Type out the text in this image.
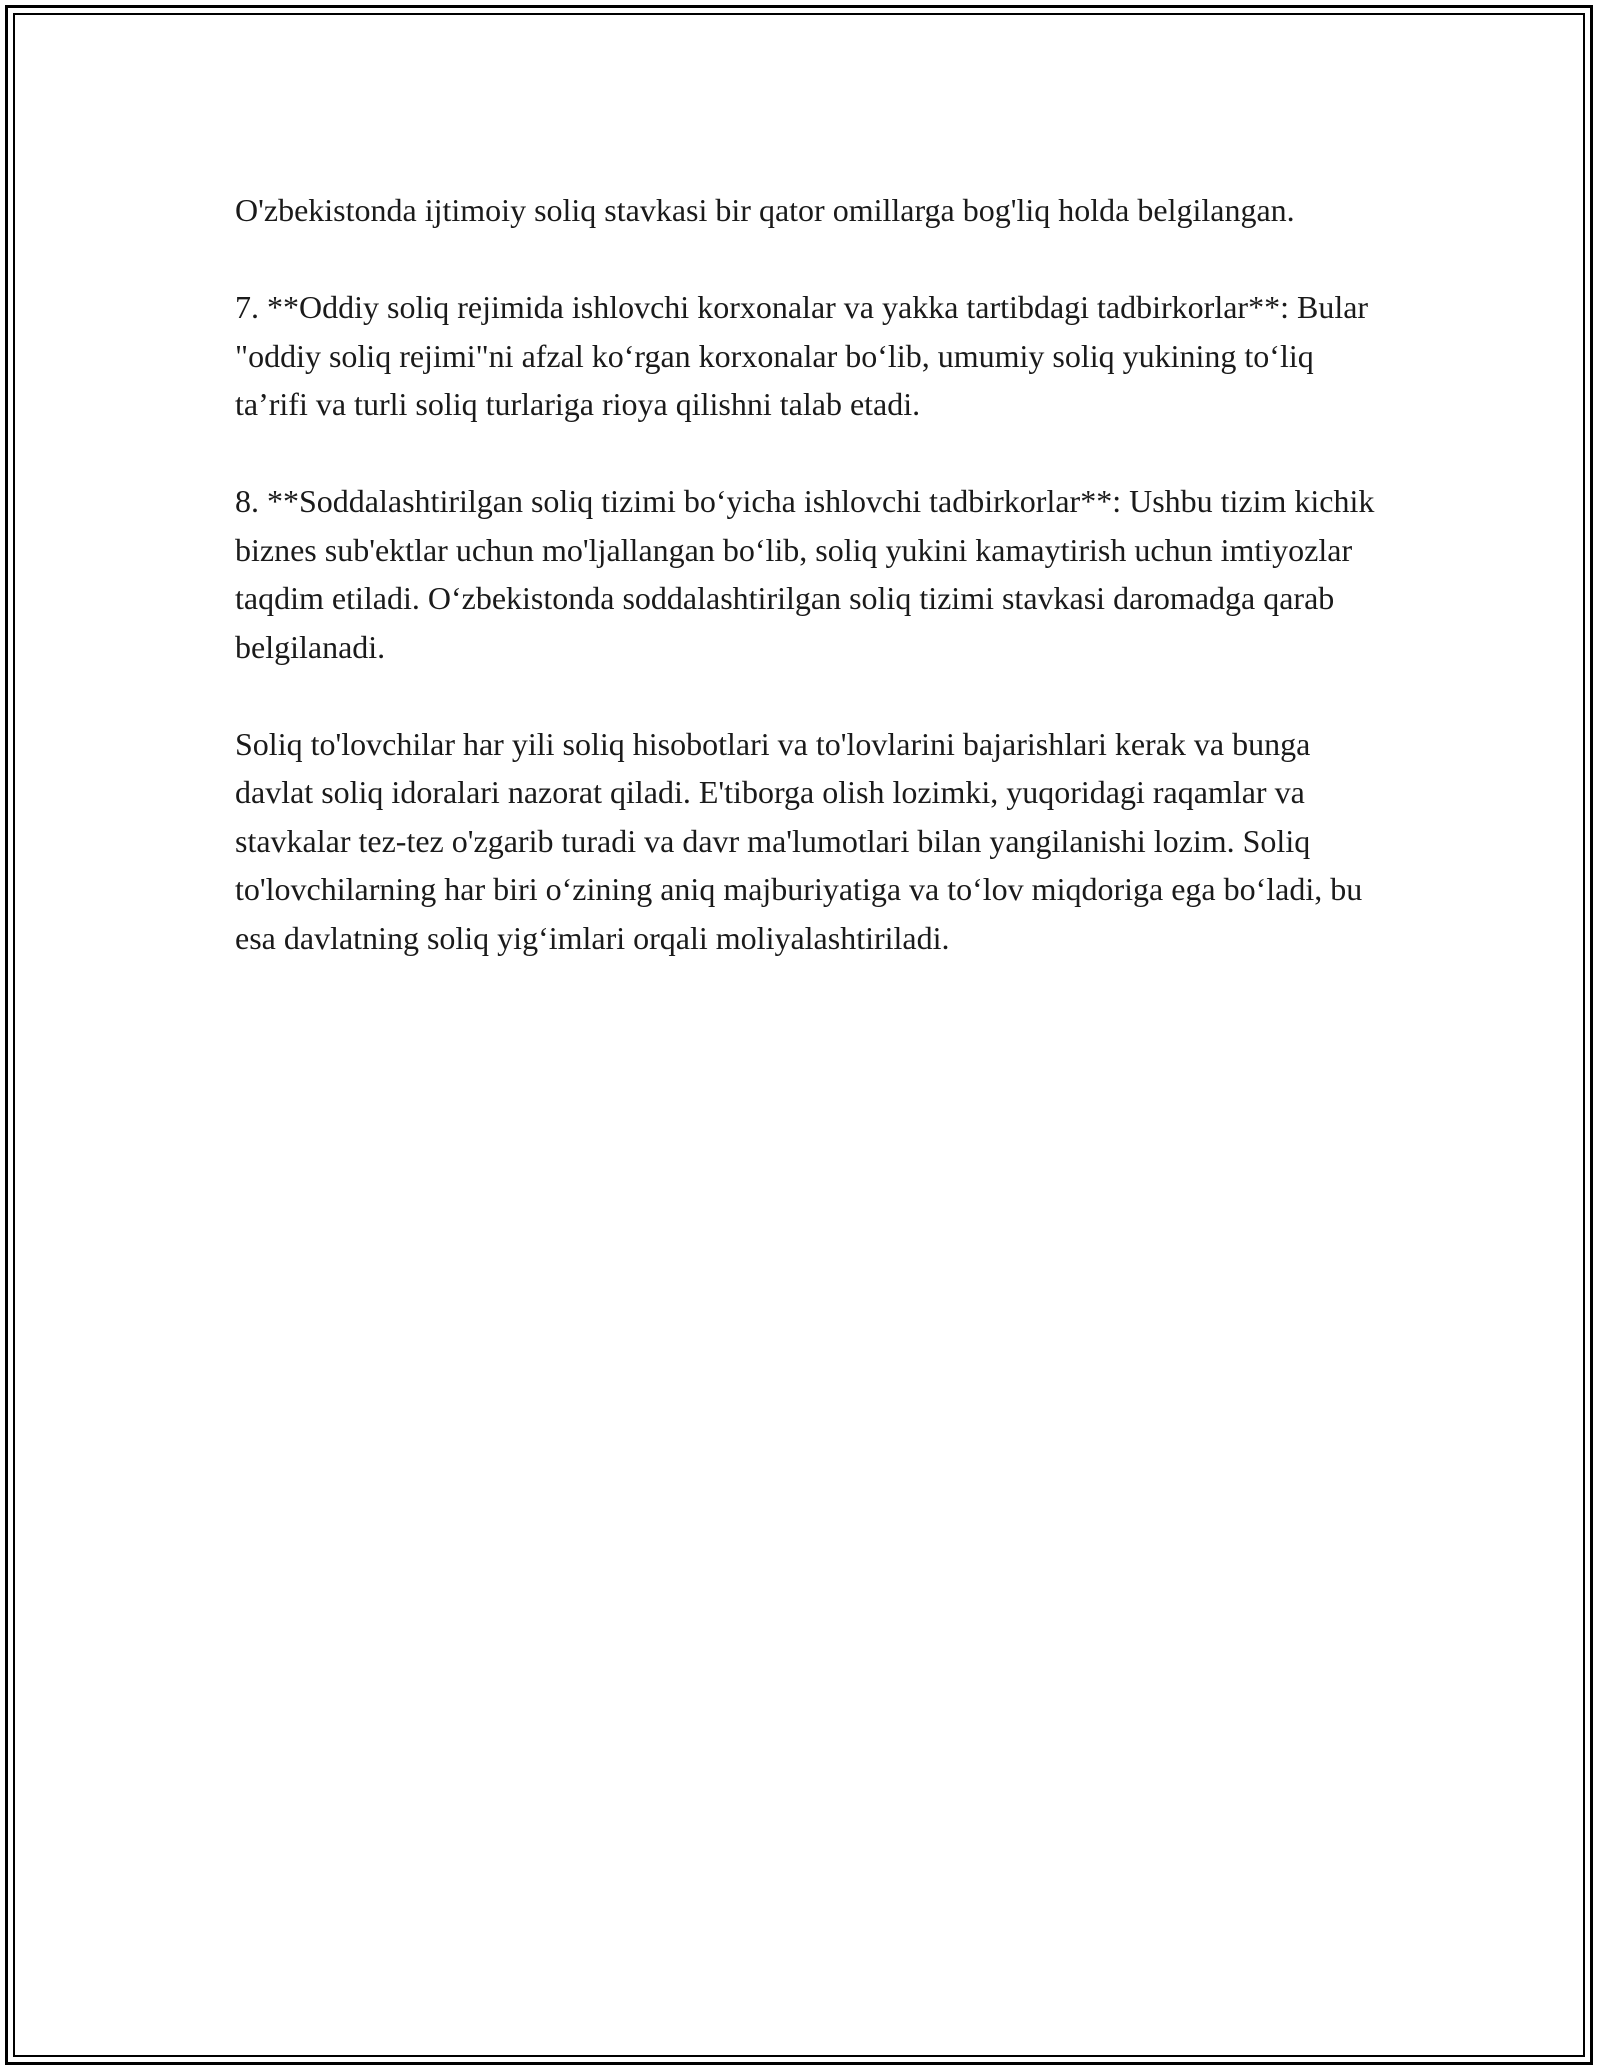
O'zbekistonda ijtimoiy soliq stavkasi bir qator omillarga bog'liq holda belgilangan.

7. **Oddiy soliq rejimida ishlovchi korxonalar va yakka tartibdagi tadbirkorlar**: Bular "oddiy soliq rejimi"ni afzal koʻrgan korxonalar boʻlib, umumiy soliq yukining toʻliq ta’rifi va turli soliq turlariga rioya qilishni talab etadi.

8. **Soddalashtirilgan soliq tizimi boʻyicha ishlovchi tadbirkorlar**: Ushbu tizim kichik biznes sub'ektlar uchun mo'ljallangan boʻlib, soliq yukini kamaytirish uchun imtiyozlar taqdim etiladi. Oʻzbekistonda soddalashtirilgan soliq tizimi stavkasi daromadga qarab belgilanadi.

Soliq to'lovchilar har yili soliq hisobotlari va to'lovlarini bajarishlari kerak va bunga davlat soliq idoralari nazorat qiladi. E'tiborga olish lozimki, yuqoridagi raqamlar va stavkalar tez-tez o'zgarib turadi va davr ma'lumotlari bilan yangilanishi lozim. Soliq to'lovchilarning har biri oʻzining aniq majburiyatiga va toʻlov miqdoriga ega boʻladi, bu esa davlatning soliq yigʻimlari orqali moliyalashtiriladi.
